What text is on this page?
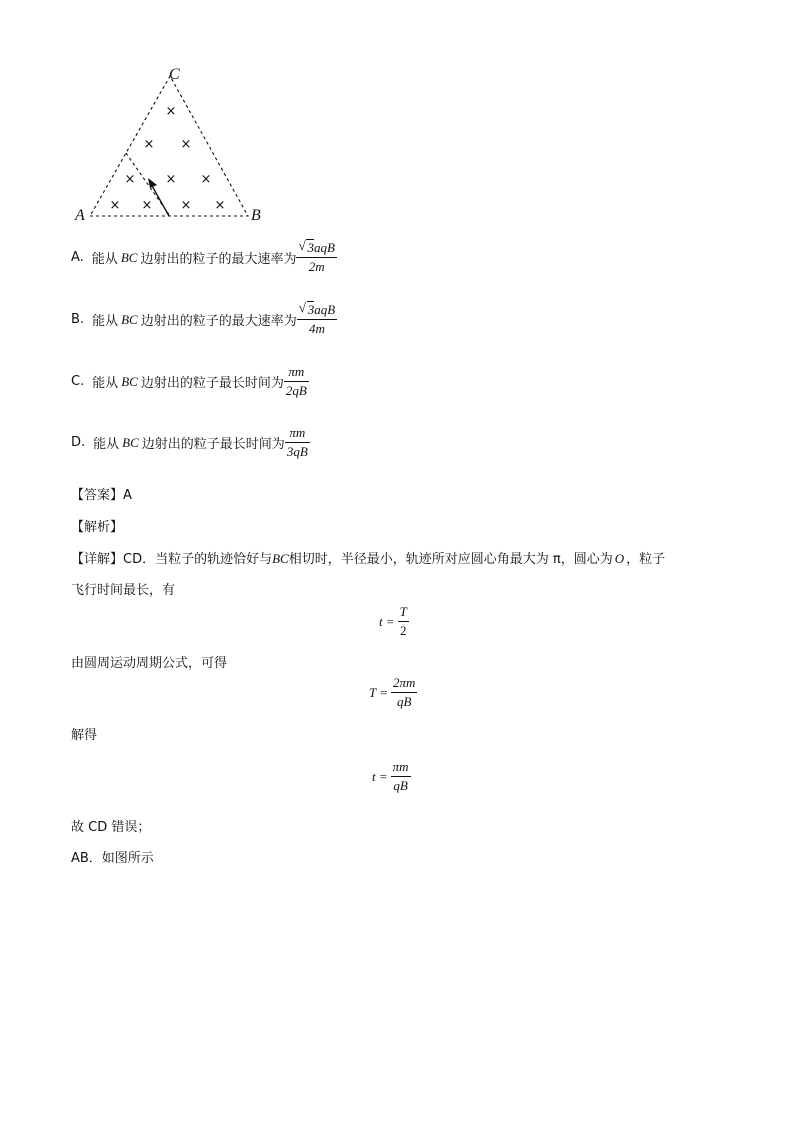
×
× ×
× × ×
× × × ×
C
A	B
A. 能从 BC 边射出的粒子的最大速率为 $\frac{\text{√ 3aqB}}{2m}$
B. 能从 BC 边射出的粒子的最大速率为 $\frac{\text{√ 3aqB}}{4m}$
C. 能从 BC 边射出的粒子最长时间为 $\frac{\pi m}{2qB}$
D. 能从 BC 边射出的粒子最长时间为 $\frac{\pi m}{3qB}$
【答案】A
【解析】
【详解】CD．当粒子的轨迹恰好与BC相切时，半径最小，轨迹所对应圆心角最大为 π，圆心为 O ，粒子
飞行时间最长，有
$t = \frac{T}{2}$
由圆周运动周期公式，可得
$T = \frac{2\pi m}{qB}$
解得
$t = \frac{\pi m}{qB}$
故 CD 错误；
AB．如图所示
